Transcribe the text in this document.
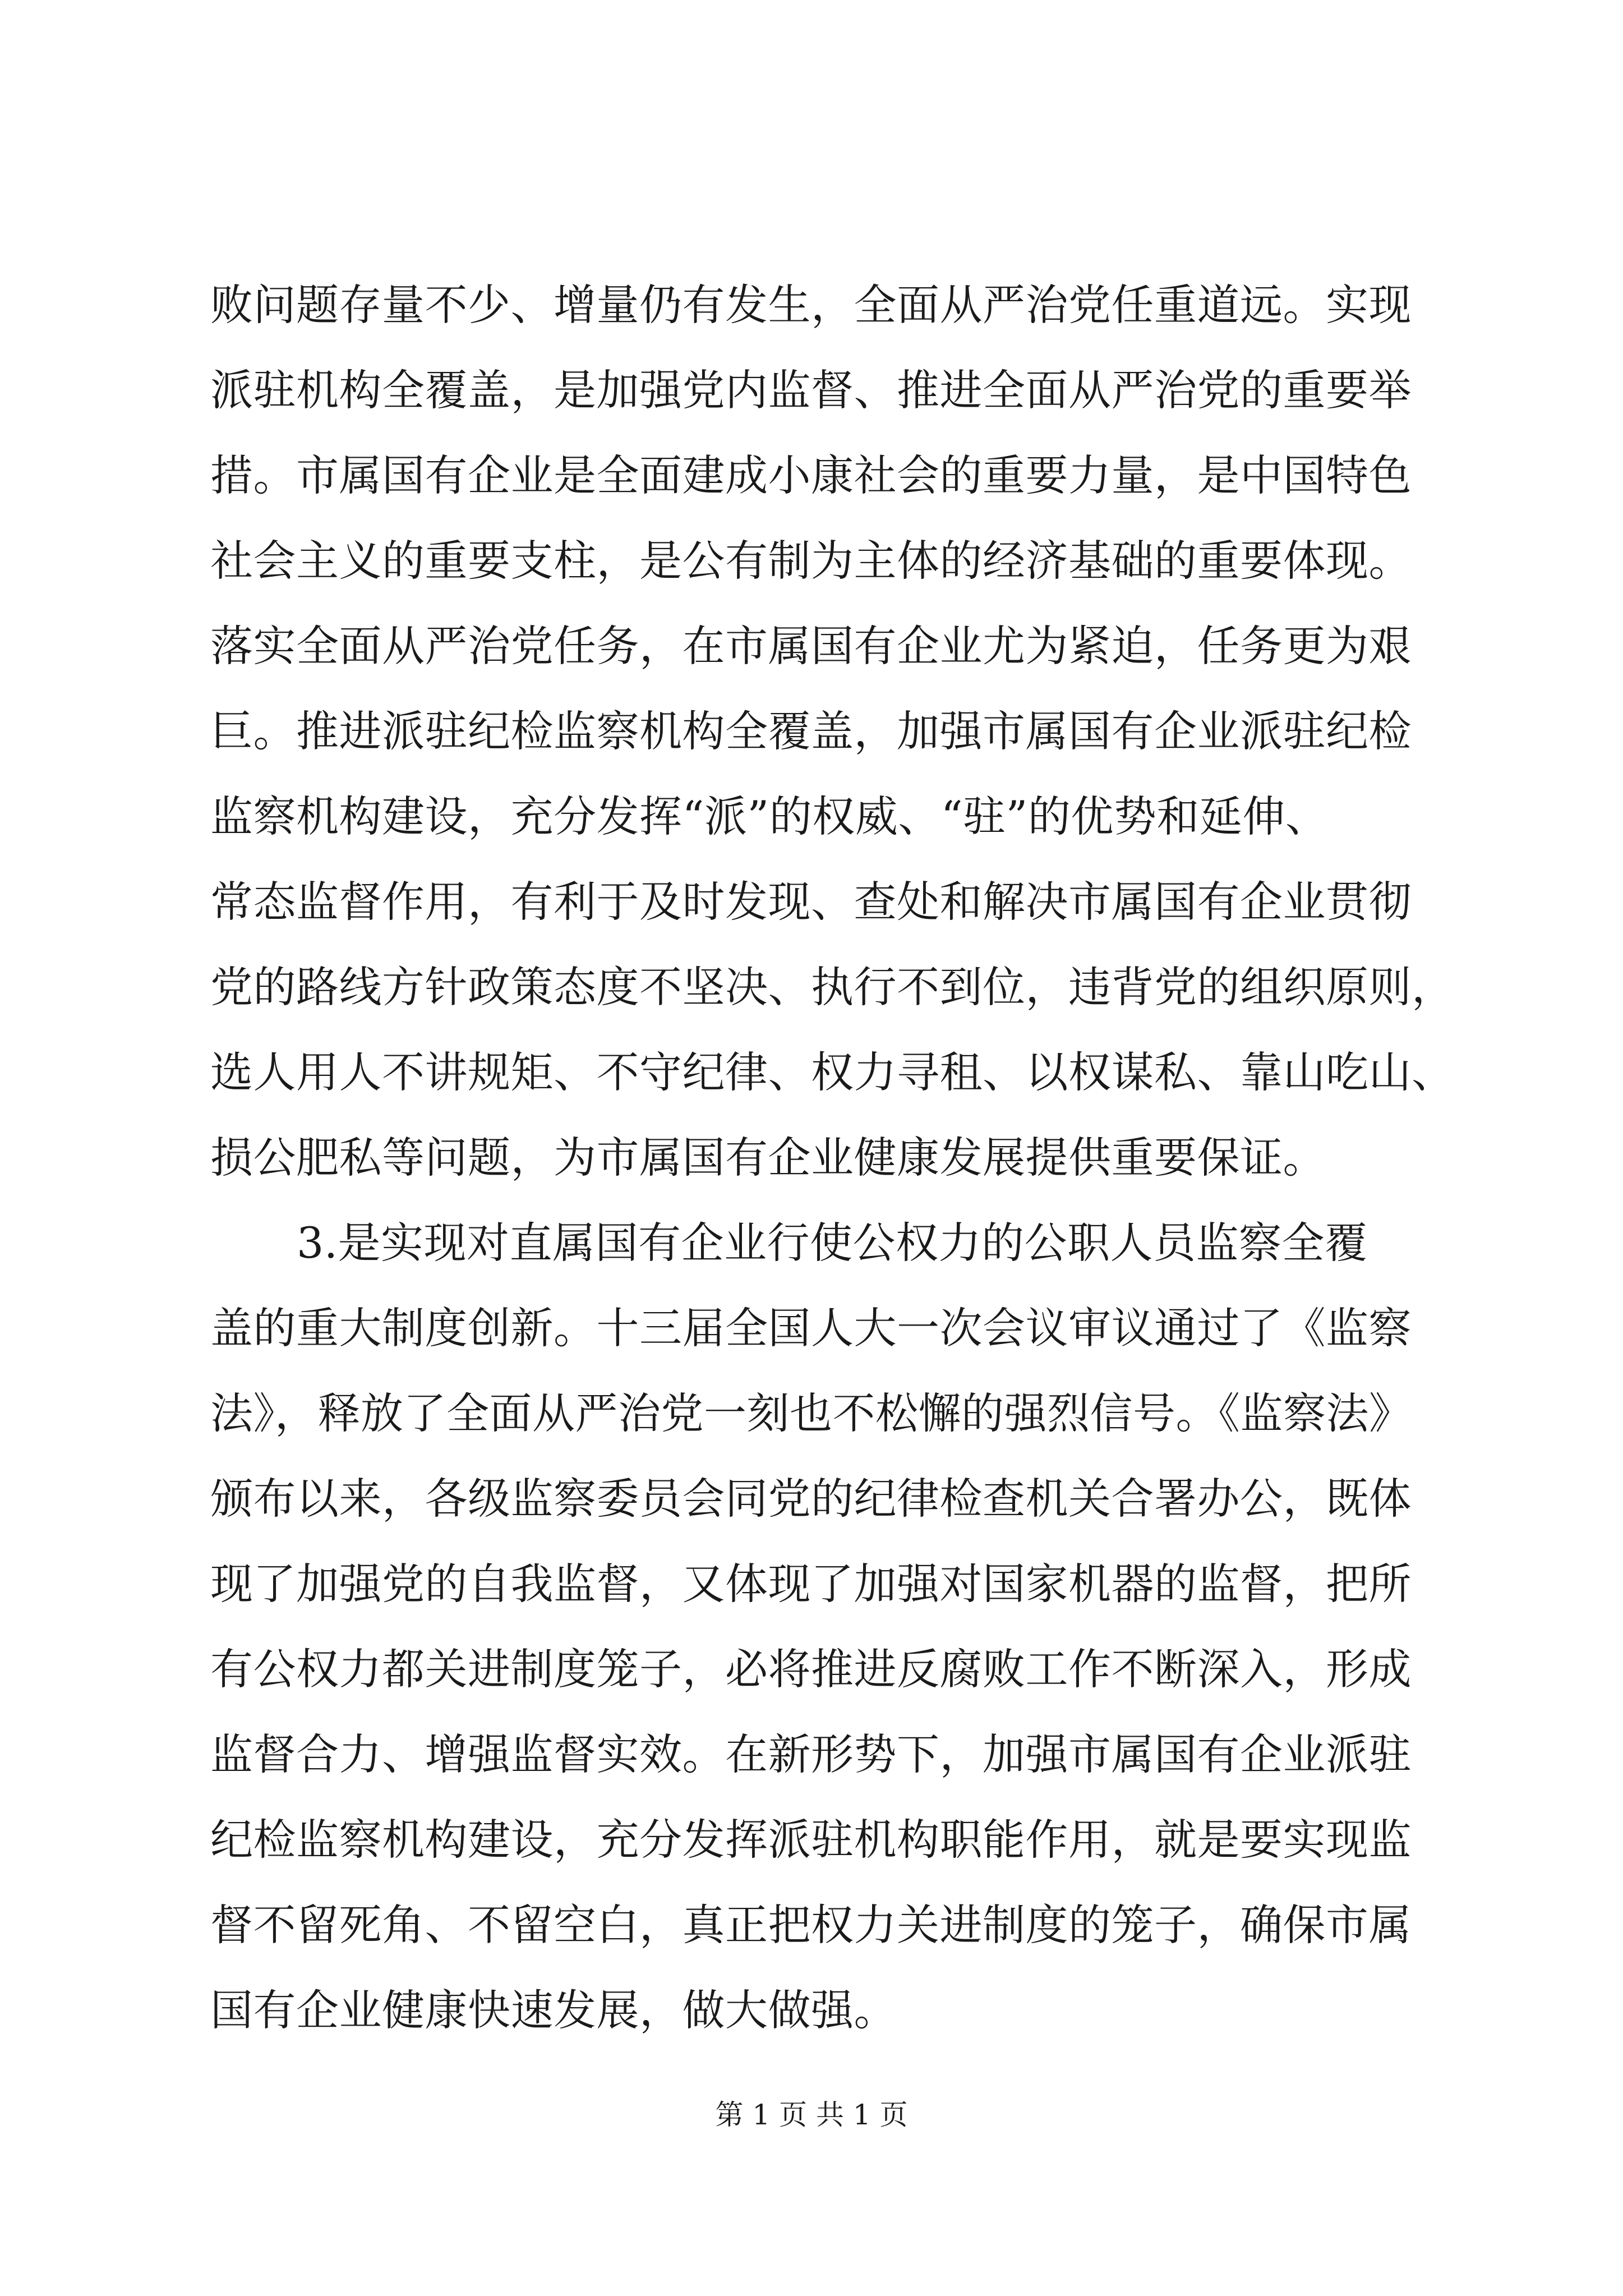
败问题存量不少、增量仍有发生，全面从严治党任重道远。实现
派驻机构全覆盖，是加强党内监督、推进全面从严治党的重要举
措。市属国有企业是全面建成小康社会的重要力量，是中国特色
社会主义的重要支柱，是公有制为主体的经济基础的重要体现。
落实全面从严治党任务，在市属国有企业尤为紧迫，任务更为艰
巨。推进派驻纪检监察机构全覆盖，加强市属国有企业派驻纪检
监察机构建设，充分发挥“派”的权威、“驻”的优势和延伸、
常态监督作用，有利于及时发现、查处和解决市属国有企业贯彻
党的路线方针政策态度不坚决、执行不到位，违背党的组织原则，
选人用人不讲规矩、不守纪律、权力寻租、以权谋私、靠山吃山、
损公肥私等问题，为市属国有企业健康发展提供重要保证。
3.是实现对直属国有企业行使公权力的公职人员监察全覆
盖的重大制度创新。十三届全国人大一次会议审议通过了《监察
法》，释放了全面从严治党一刻也不松懈的强烈信号。《监察法》
颁布以来，各级监察委员会同党的纪律检查机关合署办公，既体
现了加强党的自我监督，又体现了加强对国家机器的监督，把所
有公权力都关进制度笼子，必将推进反腐败工作不断深入，形成
监督合力、增强监督实效。在新形势下，加强市属国有企业派驻
纪检监察机构建设，充分发挥派驻机构职能作用，就是要实现监
督不留死角、不留空白，真正把权力关进制度的笼子，确保市属
国有企业健康快速发展，做大做强。
第 1 页 共 1 页
